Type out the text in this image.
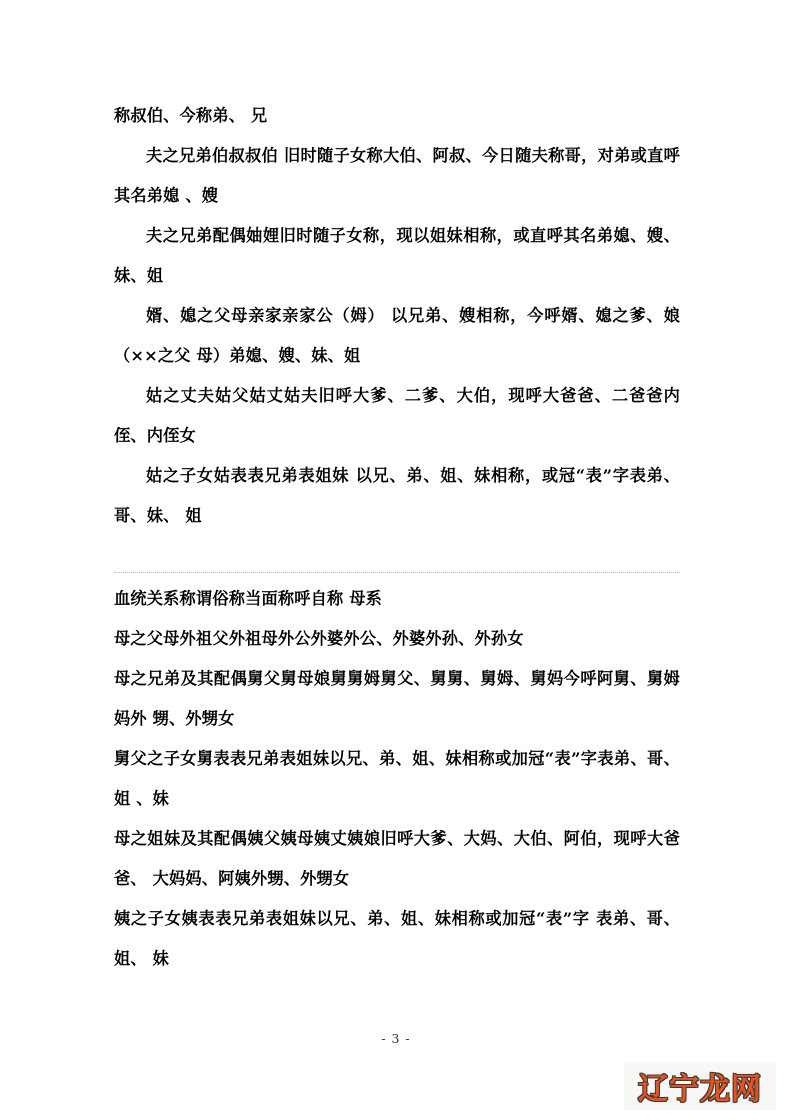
称叔伯、今称弟、 兄

夫之兄弟伯叔叔伯 旧时随子女称大伯、阿叔、今日随夫称哥，对弟或直呼其名弟媳 、嫂

夫之兄弟配偶妯娌旧时随子女称，现以姐妹相称，或直呼其名弟媳、嫂、妹、姐

婿、媳之父母亲家亲家公（姆） 以兄弟、嫂相称，今呼婿、媳之爹、娘（××之父 母）弟媳、嫂、妹、姐

姑之丈夫姑父姑丈姑夫旧呼大爹、二爹、大伯，现呼大爸爸、二爸爸内侄、内侄女

姑之子女姑表表兄弟表姐妹 以兄、弟、姐、妹相称，或冠“表”字表弟、哥、妹、 姐

血统关系称谓俗称当面称呼自称 母系

母之父母外祖父外祖母外公外婆外公、外婆外孙、外孙女

母之兄弟及其配偶舅父舅母娘舅舅姆舅父、舅舅、舅姆、舅妈今呼阿舅、舅姆妈外 甥、外甥女

舅父之子女舅表表兄弟表姐妹以兄、弟、姐、妹相称或加冠“表”字表弟、哥、姐 、妹

母之姐妹及其配偶姨父姨母姨丈姨娘旧呼大爹、大妈、大伯、阿伯，现呼大爸爸、 大妈妈、阿姨外甥、外甥女

姨之子女姨表表兄弟表姐妹以兄、弟、姐、妹相称或加冠“表”字 表弟、哥、姐、 妹

- 3 -
辽宁龙网
